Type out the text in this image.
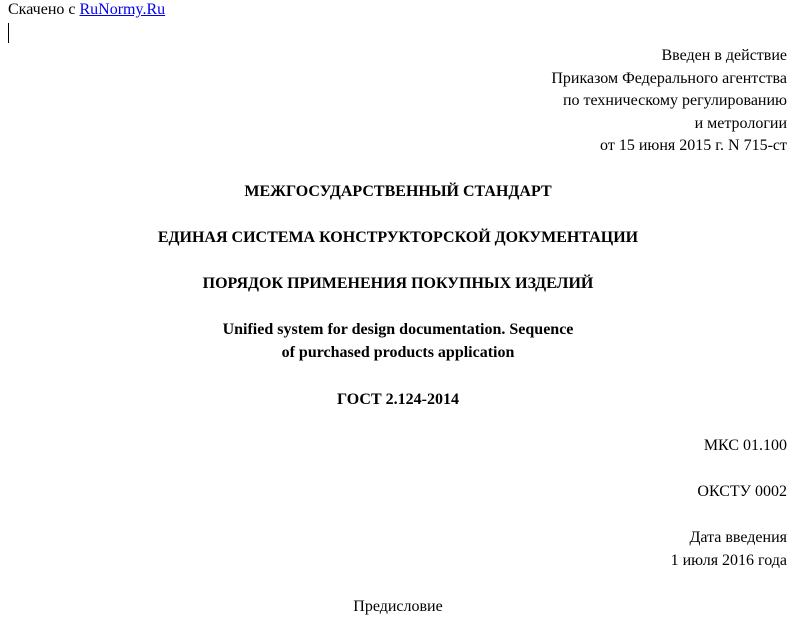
Скачено с RuNormy.Ru
Введен в действие
Приказом Федерального агентства
по техническому регулированию
и метрологии
от 15 июня 2015 г. N 715-ст
МЕЖГОСУДАРСТВЕННЫЙ СТАНДАРТ
ЕДИНАЯ СИСТЕМА КОНСТРУКТОРСКОЙ ДОКУМЕНТАЦИИ
ПОРЯДОК ПРИМЕНЕНИЯ ПОКУПНЫХ ИЗДЕЛИЙ
Unified system for design documentation. Sequence
of purchased products application
ГОСТ 2.124-2014
МКС 01.100
ОКСТУ 0002
Дата введения
1 июля 2016 года
Предисловие
